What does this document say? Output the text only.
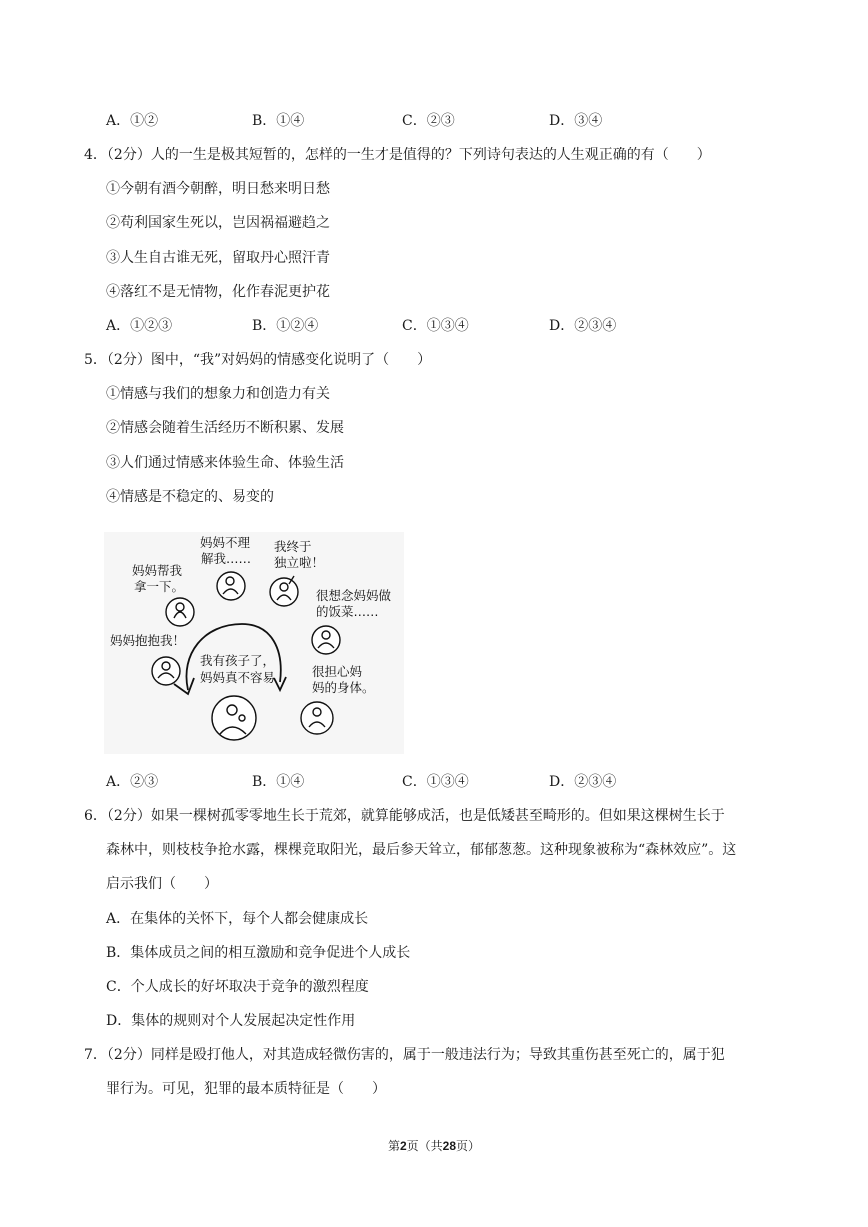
A．①②	B．①④	C．②③	D．③④
4．（2分）人的一生是极其短暂的，怎样的一生才是值得的？下列诗句表达的人生观正确的有（　　）
①今朝有酒今朝醉，明日愁来明日愁
②苟利国家生死以，岂因祸福避趋之
③人生自古谁无死，留取丹心照汗青
④落红不是无情物，化作春泥更护花
A．①②③	B．①②④	C．①③④	D．②③④
5．（2分）图中，“我”对妈妈的情感变化说明了（　　）
①情感与我们的想象力和创造力有关
②情感会随着生活经历不断积累、发展
③人们通过情感来体验生命、体验生活
④情感是不稳定的、易变的
妈妈帮我
拿一下。
妈妈抱抱我！
妈妈不理
解我……
我终于
独立啦！
很想念妈妈做
的饭菜……
很担心妈
妈的身体。
我有孩子了，
妈妈真不容易
A．②③	B．①④	C．①③④	D．②③④
6．（2分）如果一棵树孤零零地生长于荒郊，就算能够成活，也是低矮甚至畸形的。但如果这棵树生长于
森林中，则枝枝争抢水露，棵棵竞取阳光，最后参天耸立，郁郁葱葱。这种现象被称为“森林效应”。这
启示我们（　　）
A．在集体的关怀下，每个人都会健康成长
B．集体成员之间的相互激励和竞争促进个人成长
C．个人成长的好坏取决于竞争的激烈程度
D．集体的规则对个人发展起决定性作用
7．（2分）同样是殴打他人，对其造成轻微伤害的，属于一般违法行为；导致其重伤甚至死亡的，属于犯
罪行为。可见，犯罪的最本质特征是（　　）
第2页（共28页）
